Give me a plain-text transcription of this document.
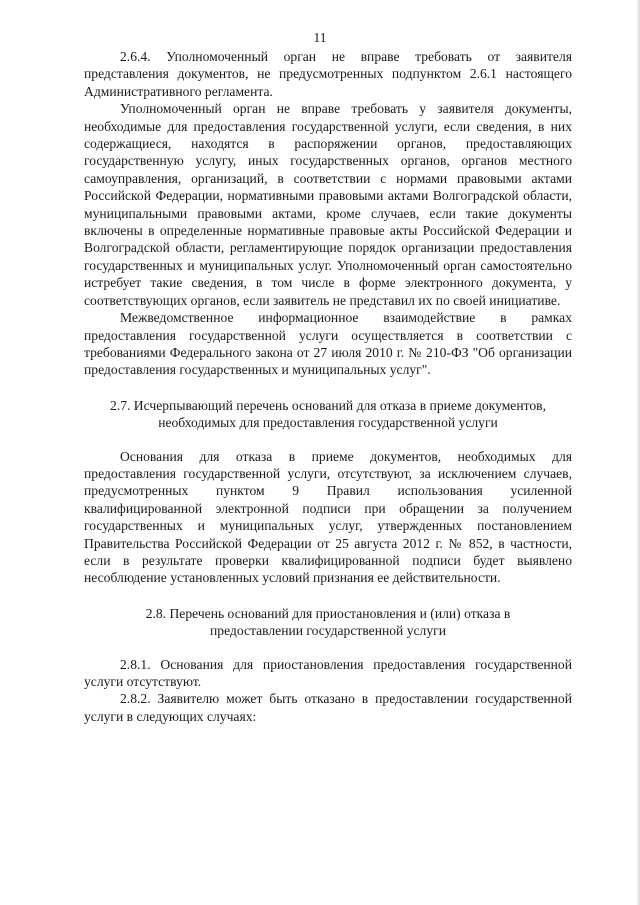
11

2.6.4. Уполномоченный орган не вправе требовать от заявителя представления документов, не предусмотренных подпунктом 2.6.1 настоящего Административного регламента.

Уполномоченный орган не вправе требовать у заявителя документы, необходимые для предоставления государственной услуги, если сведения, в них содержащиеся, находятся в распоряжении органов, предоставляющих государственную услугу, иных государственных органов, органов местного самоуправления, организаций, в соответствии с нормами правовыми актами Российской Федерации, нормативными правовыми актами Волгоградской области, муниципальными правовыми актами, кроме случаев, если такие документы включены в определенные нормативные правовые акты Российской Федерации и Волгоградской области, регламентирующие порядок организации предоставления государственных и муниципальных услуг. Уполномоченный орган самостоятельно истребует такие сведения, в том числе в форме электронного документа, у соответствующих органов, если заявитель не представил их по своей инициативе.

Межведомственное информационное взаимодействие в рамках предоставления государственной услуги осуществляется в соответствии с требованиями Федерального закона от 27 июля 2010 г. № 210-ФЗ "Об организации предоставления государственных и муниципальных услуг".

2.7. Исчерпывающий перечень оснований для отказа в приеме документов, необходимых для предоставления государственной услуги

Основания для отказа в приеме документов, необходимых для предоставления государственной услуги, отсутствуют, за исключением случаев, предусмотренных пунктом 9 Правил использования усиленной квалифицированной электронной подписи при обращении за получением государственных и муниципальных услуг, утвержденных постановлением Правительства Российской Федерации от 25 августа 2012 г. № 852, в частности, если в результате проверки квалифицированной подписи будет выявлено несоблюдение установленных условий признания ее действительности.

2.8. Перечень оснований для приостановления и (или) отказа в предоставлении государственной услуги

2.8.1. Основания для приостановления предоставления государственной услуги отсутствуют.

2.8.2. Заявителю может быть отказано в предоставлении государственной услуги в следующих случаях:
